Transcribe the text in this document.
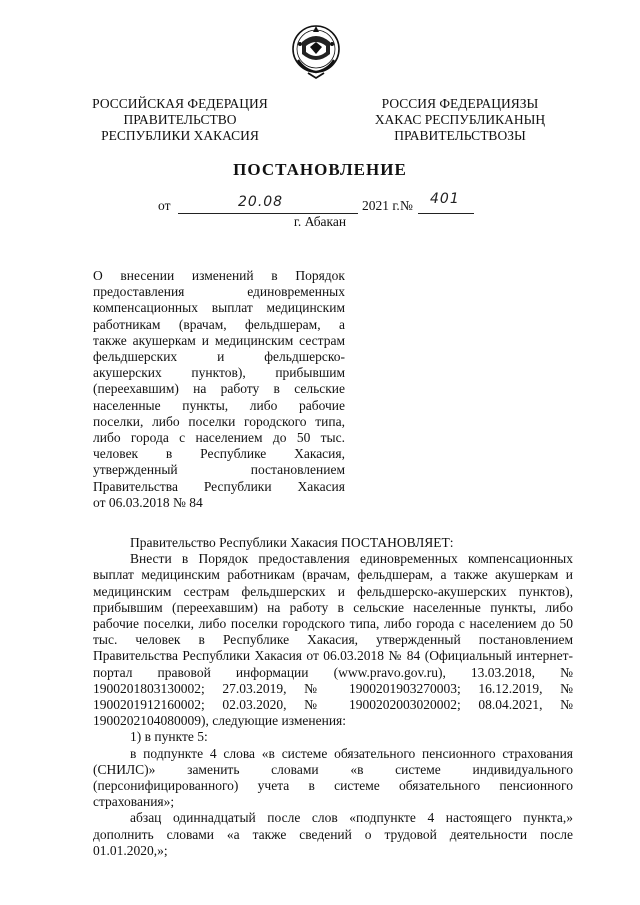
РОССИЙСКАЯ ФЕДЕРАЦИЯ
ПРАВИТЕЛЬСТВО
РЕСПУБЛИКИ ХАКАСИЯ
РОССИЯ ФЕДЕРАЦИЯЗЫ
ХАКАС РЕСПУБЛИКАНЫҢ
ПРАВИТЕЛЬСТВОЗЫ
ПОСТАНОВЛЕНИЕ
от	20.08	2021 г. № 401
г. Абакан
О внесении изменений в Порядок
предоставления единовременных
компенсационных выплат медицинским
работникам (врачам, фельдшерам, а
также акушеркам и медицинским сестрам
фельдшерских и фельдшерско-
акушерских пунктов), прибывшим
(переехавшим) на работу в сельские
населенные пункты, либо рабочие
поселки, либо поселки городского типа,
либо города с населением до 50 тыс.
человек в Республике Хакасия,
утвержденный постановлением
Правительства Республики Хакасия
от 06.03.2018 № 84

Правительство Республики Хакасия ПОСТАНОВЛЯЕТ:

Внести в Порядок предоставления единовременных компенсационных выплат медицинским работникам (врачам, фельдшерам, а также акушеркам и медицинским сестрам фельдшерских и фельдшерско-акушерских пунктов), прибывшим (переехавшим) на работу в сельские населенные пункты, либо рабочие поселки, либо поселки городского типа, либо города с населением до 50 тыс. человек в Республике Хакасия, утвержденный постановлением Правительства Республики Хакасия от 06.03.2018 № 84 (Официальный интернет-портал правовой информации (www.pravo.gov.ru), 13.03.2018, № 1900201803130002; 27.03.2019, № 1900201903270003; 16.12.2019, № 1900201912160002; 02.03.2020, № 1900202003020002; 08.04.2021, № 1900202104080009), следующие изменения:

1) в пункте 5:

в подпункте 4 слова «в системе обязательного пенсионного страхования (СНИЛС)» заменить словами «в системе индивидуального (персонифицированного) учета в системе обязательного пенсионного страхования»;

абзац одиннадцатый после слов «подпункте 4 настоящего пункта,» дополнить словами «а также сведений о трудовой деятельности после 01.01.2020,»;
